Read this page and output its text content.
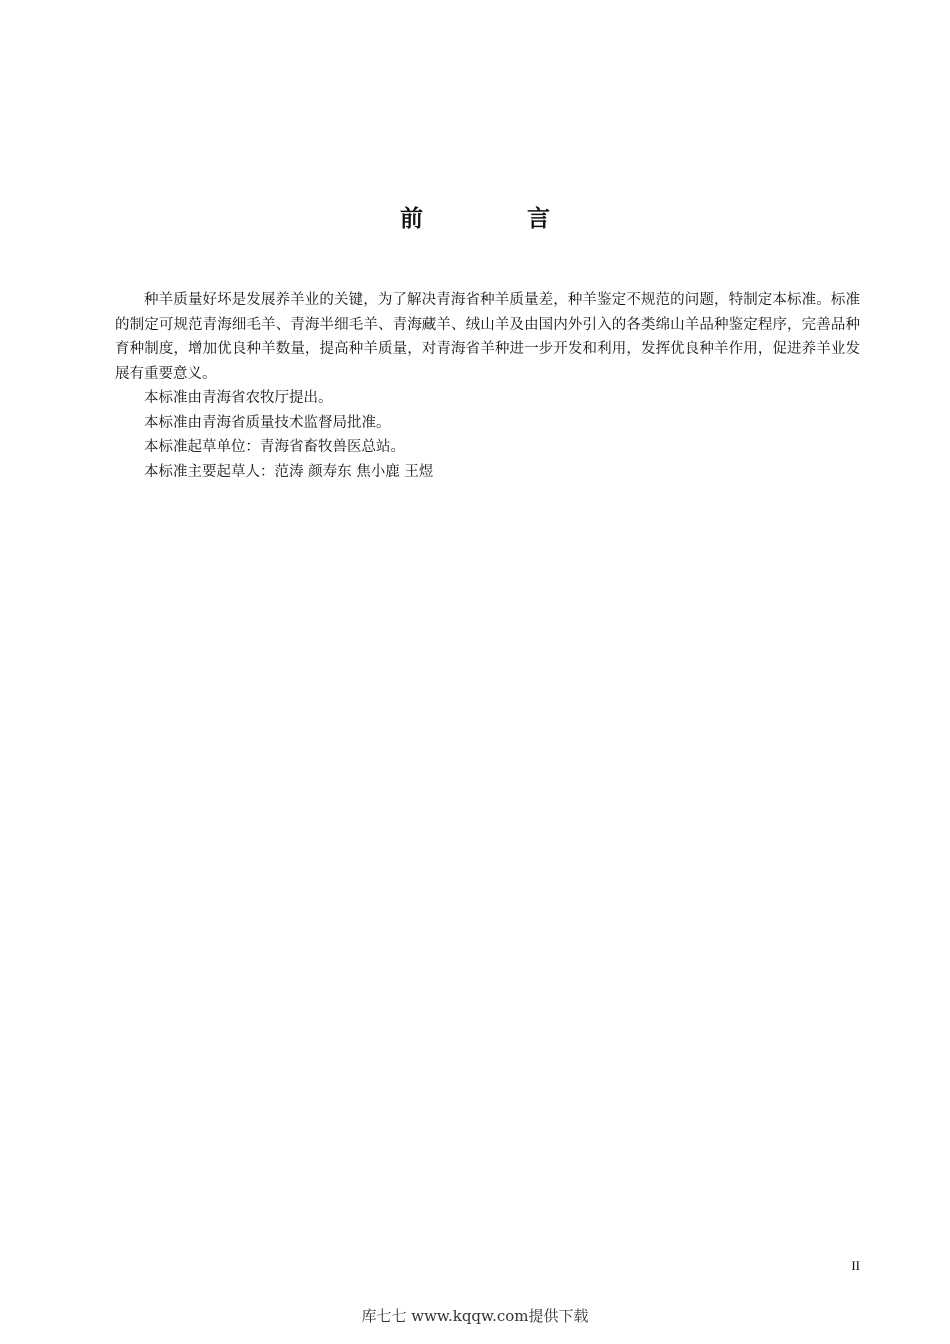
前 言

种羊质量好坏是发展养羊业的关键，为了解决青海省种羊质量差，种羊鉴定不规范的问题，特制定本标准。标准的制定可规范青海细毛羊、青海半细毛羊、青海藏羊、绒山羊及由国内外引入的各类绵山羊品种鉴定程序，完善品种育种制度，增加优良种羊数量，提高种羊质量，对青海省羊种进一步开发和利用，发挥优良种羊作用，促进养羊业发展有重要意义。

本标准由青海省农牧厅提出。

本标准由青海省质量技术监督局批准。

本标准起草单位：青海省畜牧兽医总站。

本标准主要起草人：范涛 颜寿东 焦小鹿 王煜

II
库七七 www.kqqw.com提供下载
